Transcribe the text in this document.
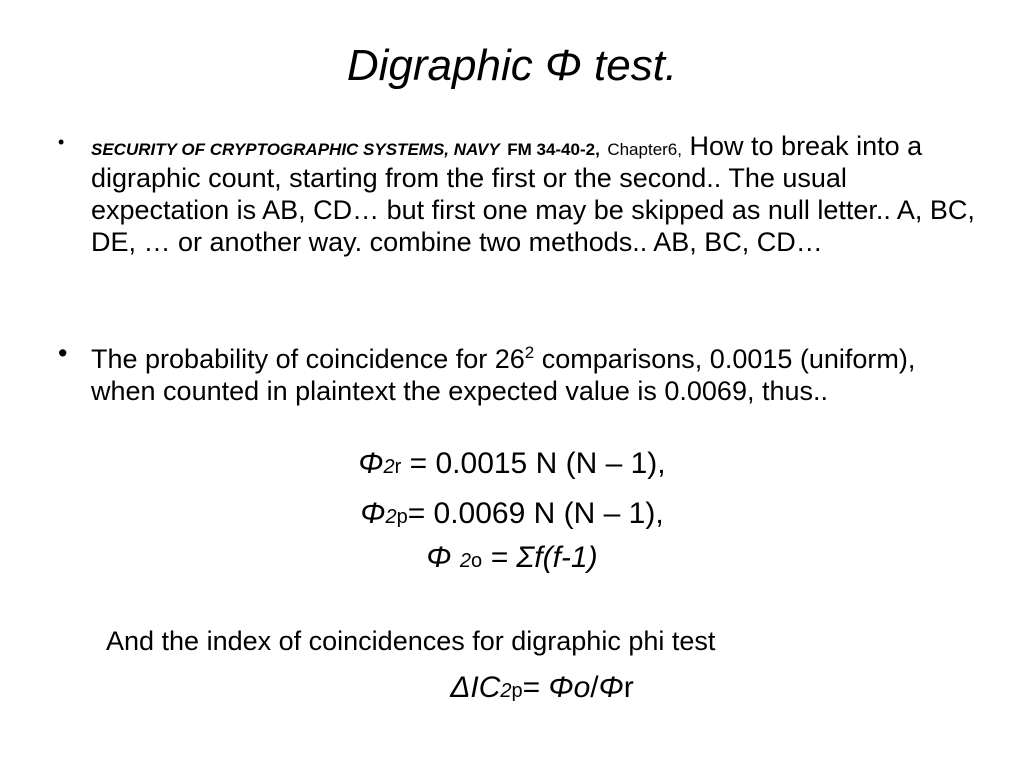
Digraphic Φ test.
• SECURITY OF CRYPTOGRAPHIC SYSTEMS, NAVY FM 34-40-2, Chapter6, How to break into a digraphic count, starting from the first or the second.. The usual expectation is AB, CD… but first one may be skipped as null letter.. A, BC, DE, … or another way. combine two methods.. AB, BC, CD…
• The probability of coincidence for $26^2$ comparisons, 0.0015 (uniform), when counted in plaintext the expected value is 0.0069, thus..
Φ2r = 0.0015 N (N – 1),
Φ2p= 0.0069 N (N – 1),
Φ 2o = Σf(f-1)
And the index of coincidences for digraphic phi test
ΔIC2p= Φo/Φr
